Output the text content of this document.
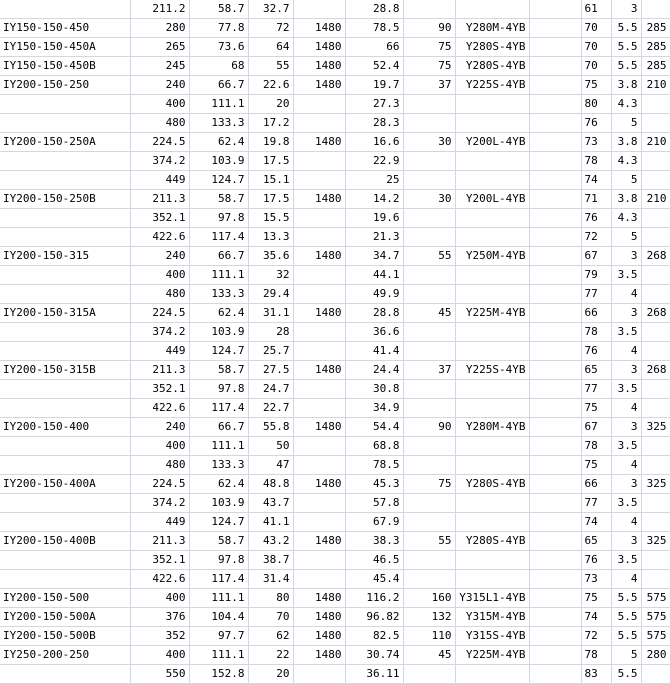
	211.2	58.7	32.7		28.8				61	3	
IY150-150-450	280	77.8	72	1480	78.5	90	Y280M-4YB		70	5.5	285
IY150-150-450A	265	73.6	64	1480	66	75	Y280S-4YB		70	5.5	285
IY150-150-450B	245	68	55	1480	52.4	75	Y280S-4YB		70	5.5	285
IY200-150-250	240	66.7	22.6	1480	19.7	37	Y225S-4YB		75	3.8	210
	400	111.1	20		27.3				80	4.3	
	480	133.3	17.2		28.3				76	5	
IY200-150-250A	224.5	62.4	19.8	1480	16.6	30	Y200L-4YB		73	3.8	210
	374.2	103.9	17.5		22.9				78	4.3	
	449	124.7	15.1		25				74	5	
IY200-150-250B	211.3	58.7	17.5	1480	14.2	30	Y200L-4YB		71	3.8	210
	352.1	97.8	15.5		19.6				76	4.3	
	422.6	117.4	13.3		21.3				72	5	
IY200-150-315	240	66.7	35.6	1480	34.7	55	Y250M-4YB		67	3	268
	400	111.1	32		44.1				79	3.5	
	480	133.3	29.4		49.9				77	4	
IY200-150-315A	224.5	62.4	31.1	1480	28.8	45	Y225M-4YB		66	3	268
	374.2	103.9	28		36.6				78	3.5	
	449	124.7	25.7		41.4				76	4	
IY200-150-315B	211.3	58.7	27.5	1480	24.4	37	Y225S-4YB		65	3	268
	352.1	97.8	24.7		30.8				77	3.5	
	422.6	117.4	22.7		34.9				75	4	
IY200-150-400	240	66.7	55.8	1480	54.4	90	Y280M-4YB		67	3	325
	400	111.1	50		68.8				78	3.5	
	480	133.3	47		78.5				75	4	
IY200-150-400A	224.5	62.4	48.8	1480	45.3	75	Y280S-4YB		66	3	325
	374.2	103.9	43.7		57.8				77	3.5	
	449	124.7	41.1		67.9				74	4	
IY200-150-400B	211.3	58.7	43.2	1480	38.3	55	Y280S-4YB		65	3	325
	352.1	97.8	38.7		46.5				76	3.5	
	422.6	117.4	31.4		45.4				73	4	
IY200-150-500	400	111.1	80	1480	116.2	160	Y315L1-4YB		75	5.5	575
IY200-150-500A	376	104.4	70	1480	96.82	132	Y315M-4YB		74	5.5	575
IY200-150-500B	352	97.7	62	1480	82.5	110	Y315S-4YB		72	5.5	575
IY250-200-250	400	111.1	22	1480	30.74	45	Y225M-4YB		78	5	280
	550	152.8	20		36.11				83	5.5	
